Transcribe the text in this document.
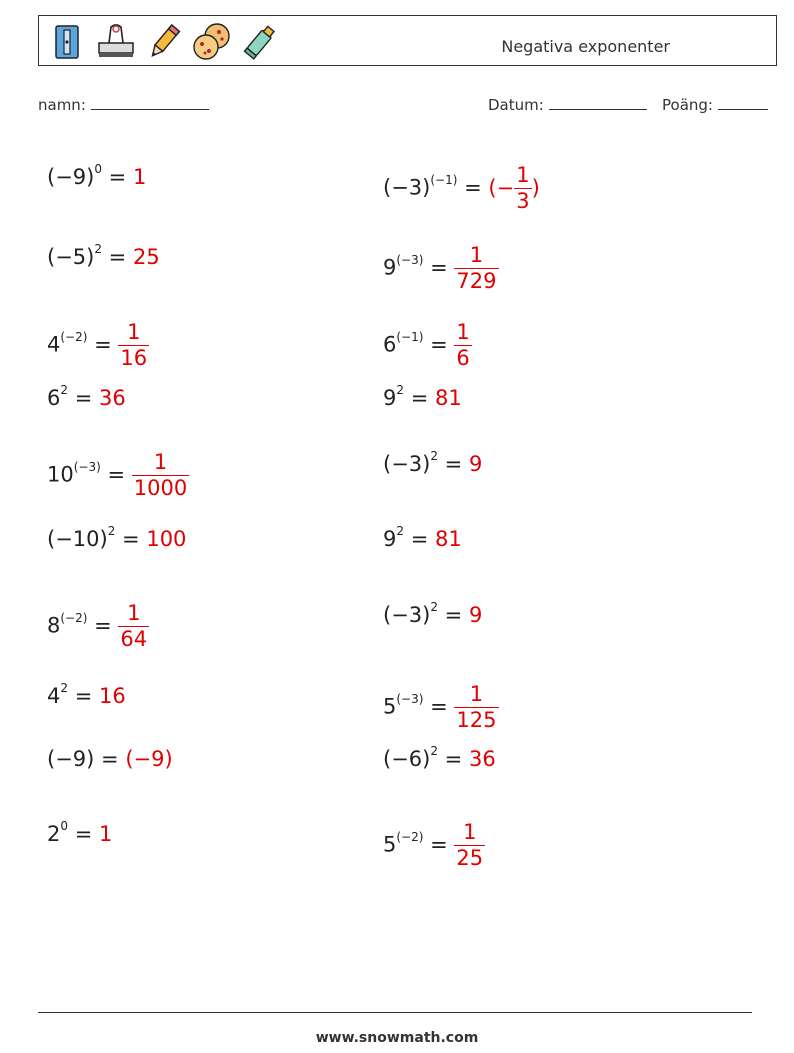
Negativa exponenter
namn:	Datum:	Poäng:
$(-9)^0 = 1$	$(-3)^{(-1)}$ = (− $\frac{1}{3}$ )
$(-5)^2 = 25$	$9^{(-3)} = \frac{1}{729}$
$4^{(-2)} = \frac{1}{16}$	$6^{(-1)} = \frac{1}{6}$
$6^2 = 36$	$9^2 = 81$
$10^{(-3)} = \frac{1}{1000}$	$(-3)^2 = 9$
$(-10)^2 = 100$	$9^2 = 81$
$8^{(-2)} = \frac{1}{64}$	$(-3)^2 = 9$
$4^2 = 16$	$5^{(-3)} = \frac{1}{125}$
(−9) = (−9)	$(-6)^2 = 36$
$2^0 = 1$	$5^{(-2)} = \frac{1}{25}$
www.snowmath.com
